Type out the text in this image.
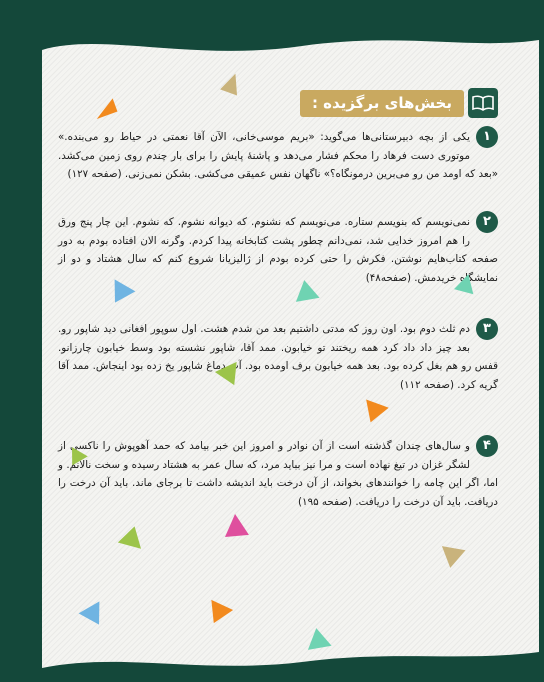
بخش‌های برگزیده :
۱
یکی از بچه دبیرستانی‌ها می‌گوید: «بریم موسی‌خانی، الآن آقا نعمتی در حیاط رو می‌بنده.» موتوری دست فرهاد را محکم فشار می‌دهد و پاشنهٔ پایش را برای بار چندم روی زمین می‌کشد. «بعد که اومد من رو می‌برین درمونگاه؟» ناگهان نفس عمیقی می‌کشی. بشکن نمی‌زنی. (صفحه ۱۲۷)
۲
نمی‌نویسم که بنویسم ستاره. می‌نویسم که نشنوم. که دیوانه نشوم. که نشوم. این چار پنج ورق را هم امروز خدایی شد، نمی‌دانم چطور پشت کتابخانه پیدا کردم. وگرنه الان افتاده بودم به دور صفحه کتاب‌هایم نوشتن. فکرش را حتی کرده بودم از ژالیزیانا شروع کنم که سال هشتاد و دو از نمایشگاه خریدمش. (صفحه۴۸)
۳
دم ثلث دوم بود. اون روز که مدتی داشتیم بعد من شدم هشت. اول سوپور افغانی دید شاپور رو. بعد چیز داد داد کرد همه ریختند تو خیابون. ممد آقا، شاپور نشسته بود وسط خیابون چارزانو. قفس رو هم بغل کرده بود. بعد همه خیابون برف اومده بود. آب دماغ شاپور یخ زده بود اینجاش. ممد آقا گریه کرد. (صفحه ۱۱۲)
۴
و سال‌های چندان گذشته است از آن نوادر و امروز این خبر بیامد که حمد آهوپوش را ناکسی از لشگر غزان در تیغ نهاده است و مرا نیز بباید مرد، که سال عمر به هشتاد رسیده و سخت نالانم. و اما، اگر این چامه را خوانندهای بخواند، از آن درخت باید اندیشه داشت تا برجای ماند. باید آن درخت را دریافت. باید آن درخت را دریافت. (صفحه ۱۹۵)
